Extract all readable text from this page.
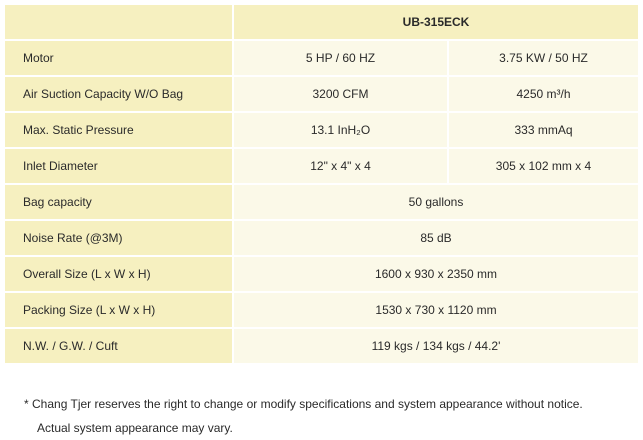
	UB-315ECK	
Motor	5 HP / 60 HZ	3.75 KW / 50 HZ
Air Suction Capacity W/O Bag	3200 CFM	4250 m³/h
Max. Static Pressure	13.1 InH₂O	333 mmAq
Inlet Diameter	12" x 4" x 4	305 x 102 mm x 4
Bag capacity	50 gallons	
Noise Rate (@3M)	85 dB	
Overall Size (L x W x H)	1600 x 930 x 2350 mm	
Packing Size (L x W x H)	1530 x 730 x 1120 mm	
N.W. / G.W. / Cuft	119 kgs / 134 kgs / 44.2'	
* Chang Tjer reserves the right to change or modify specifications and system appearance without notice.
Actual system appearance may vary.
